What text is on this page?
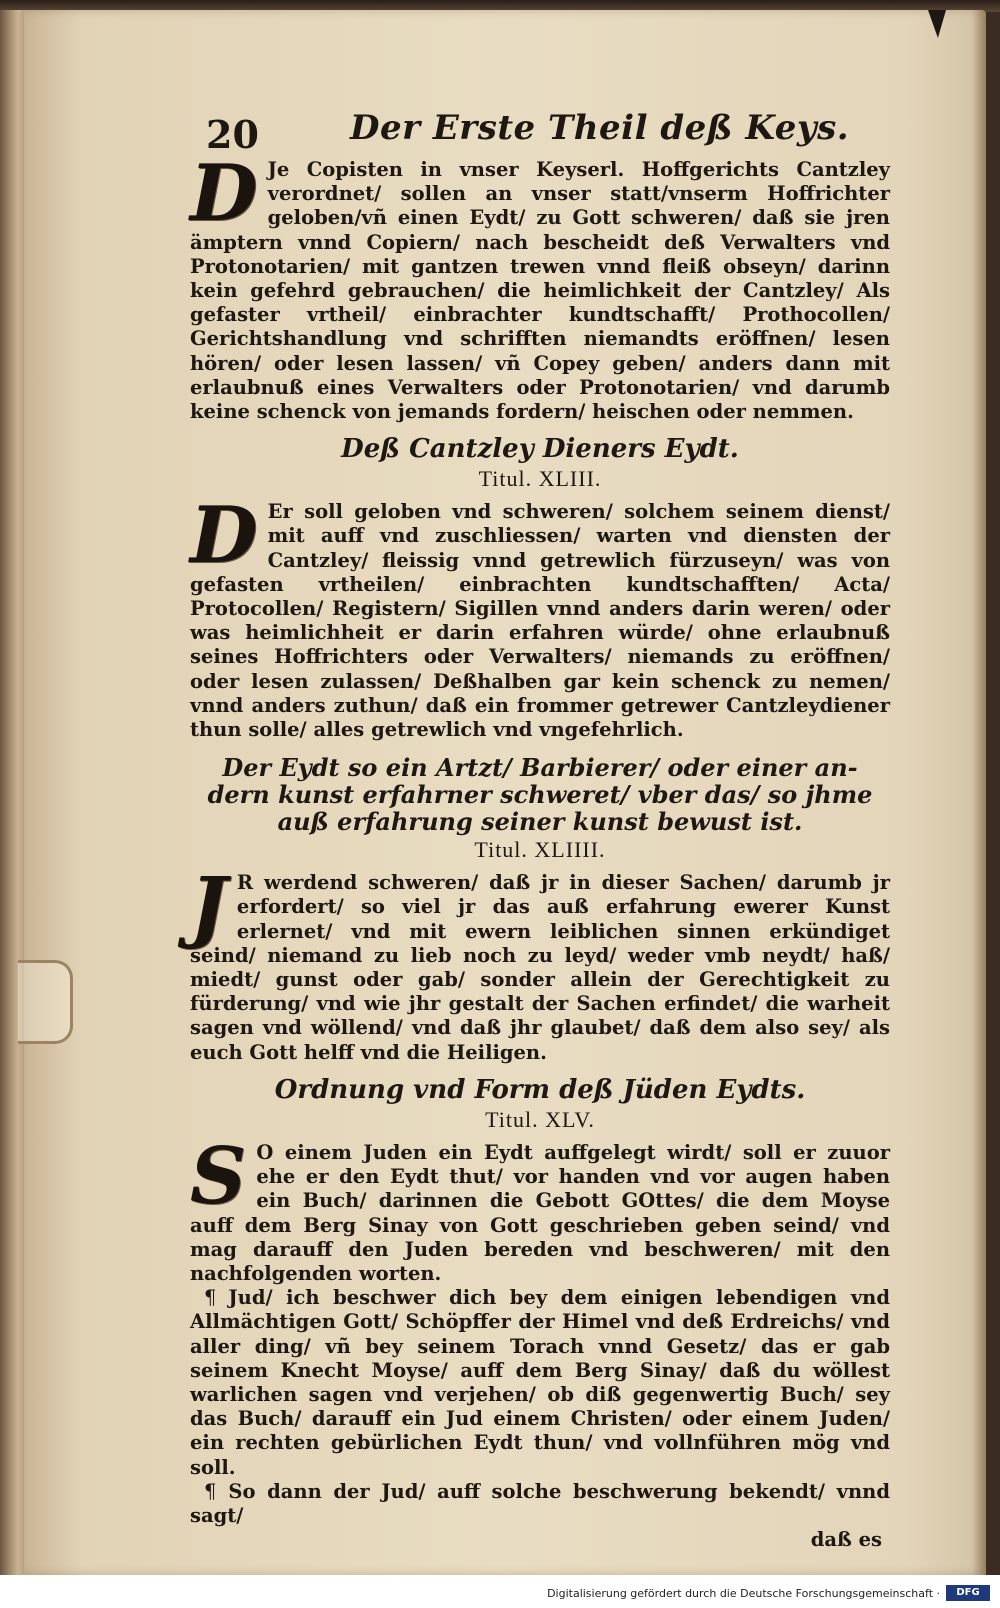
20	Der Erste Theil deß Keys.

D Je Copisten in vnser Keyserl. Hoffgerichts Cantzley verordnet/ sollen an vnser statt/vnserm Hoffrichter geloben/vñ einen Eydt/ zu Gott schweren/ daß sie jren ämptern vnnd Copiern/ nach bescheidt deß Verwalters vnd Protonotarien/ mit gantzen trewen vnnd fleiß obseyn/ darinn kein gefehrd gebrauchen/ die heimlichkeit der Cantzley/ Als gefaster vrtheil/ einbrachter kundtschafft/ Prothocollen/ Gerichtshandlung vnd schrifften niemandts eröffnen/ lesen hören/ oder lesen lassen/ vñ Copey geben/ anders dann mit erlaubnuß eines Verwalters oder Protonotarien/ vnd darumb keine schenck von jemands fordern/ heischen oder nemmen.

Deß Cantzley Dieners Eydt.
Titul. XLIII.

D Er soll geloben vnd schweren/ solchem seinem dienst/ mit auff vnd zuschliessen/ warten vnd diensten der Cantzley/ fleissig vnnd getrewlich fürzuseyn/ was von gefasten vrtheilen/ einbrachten kundtschafften/ Acta/ Protocollen/ Registern/ Sigillen vnnd anders darin weren/ oder was heimlichheit er darin erfahren würde/ ohne erlaubnuß seines Hoffrichters oder Verwalters/ niemands zu eröffnen/ oder lesen zulassen/ Deßhalben gar kein schenck zu nemen/ vnnd anders zuthun/ daß ein frommer getrewer Cantzleydiener thun solle/ alles getrewlich vnd vngefehrlich.

Der Eydt so ein Artzt/ Barbierer/ oder einer an-
dern kunst erfahrner schweret/ vber das/ so jhme
auß erfahrung seiner kunst bewust ist.
Titul. XLIIII.

J R werdend schweren/ daß jr in dieser Sachen/ darumb jr erfordert/ so viel jr das auß erfahrung ewerer Kunst erlernet/ vnd mit ewern leiblichen sinnen erkündiget seind/ niemand zu lieb noch zu leyd/ weder vmb neydt/ haß/ miedt/ gunst oder gab/ sonder allein der Gerechtigkeit zu fürderung/ vnd wie jhr gestalt der Sachen erfindet/ die warheit sagen vnd wöllend/ vnd daß jhr glaubet/ daß dem also sey/ als euch Gott helff vnd die Heiligen.

Ordnung vnd Form deß Jüden Eydts.
Titul. XLV.

S O einem Juden ein Eydt auffgelegt wirdt/ soll er zuuor ehe er den Eydt thut/ vor handen vnd vor augen haben ein Buch/ darinnen die Gebott GOttes/ die dem Moyse auff dem Berg Sinay von Gott geschrieben geben seind/ vnd mag darauff den Juden bereden vnd beschweren/ mit den nachfolgenden worten.

¶ Jud/ ich beschwer dich bey dem einigen lebendigen vnd Allmächtigen Gott/ Schöpffer der Himel vnd deß Erdreichs/ vnd aller ding/ vñ bey seinem Torach vnnd Gesetz/ das er gab seinem Knecht Moyse/ auff dem Berg Sinay/ daß du wöllest warlichen sagen vnd verjehen/ ob diß gegenwertig Buch/ sey das Buch/ darauff ein Jud einem Christen/ oder einem Juden/ ein rechten gebürlichen Eydt thun/ vnd vollnführen mög vnd soll.

¶ So dann der Jud/ auff solche beschwerung bekendt/ vnnd sagt/

daß es
Digitalisierung gefördert durch die Deutsche Forschungsgemeinschaft ·	DFG
